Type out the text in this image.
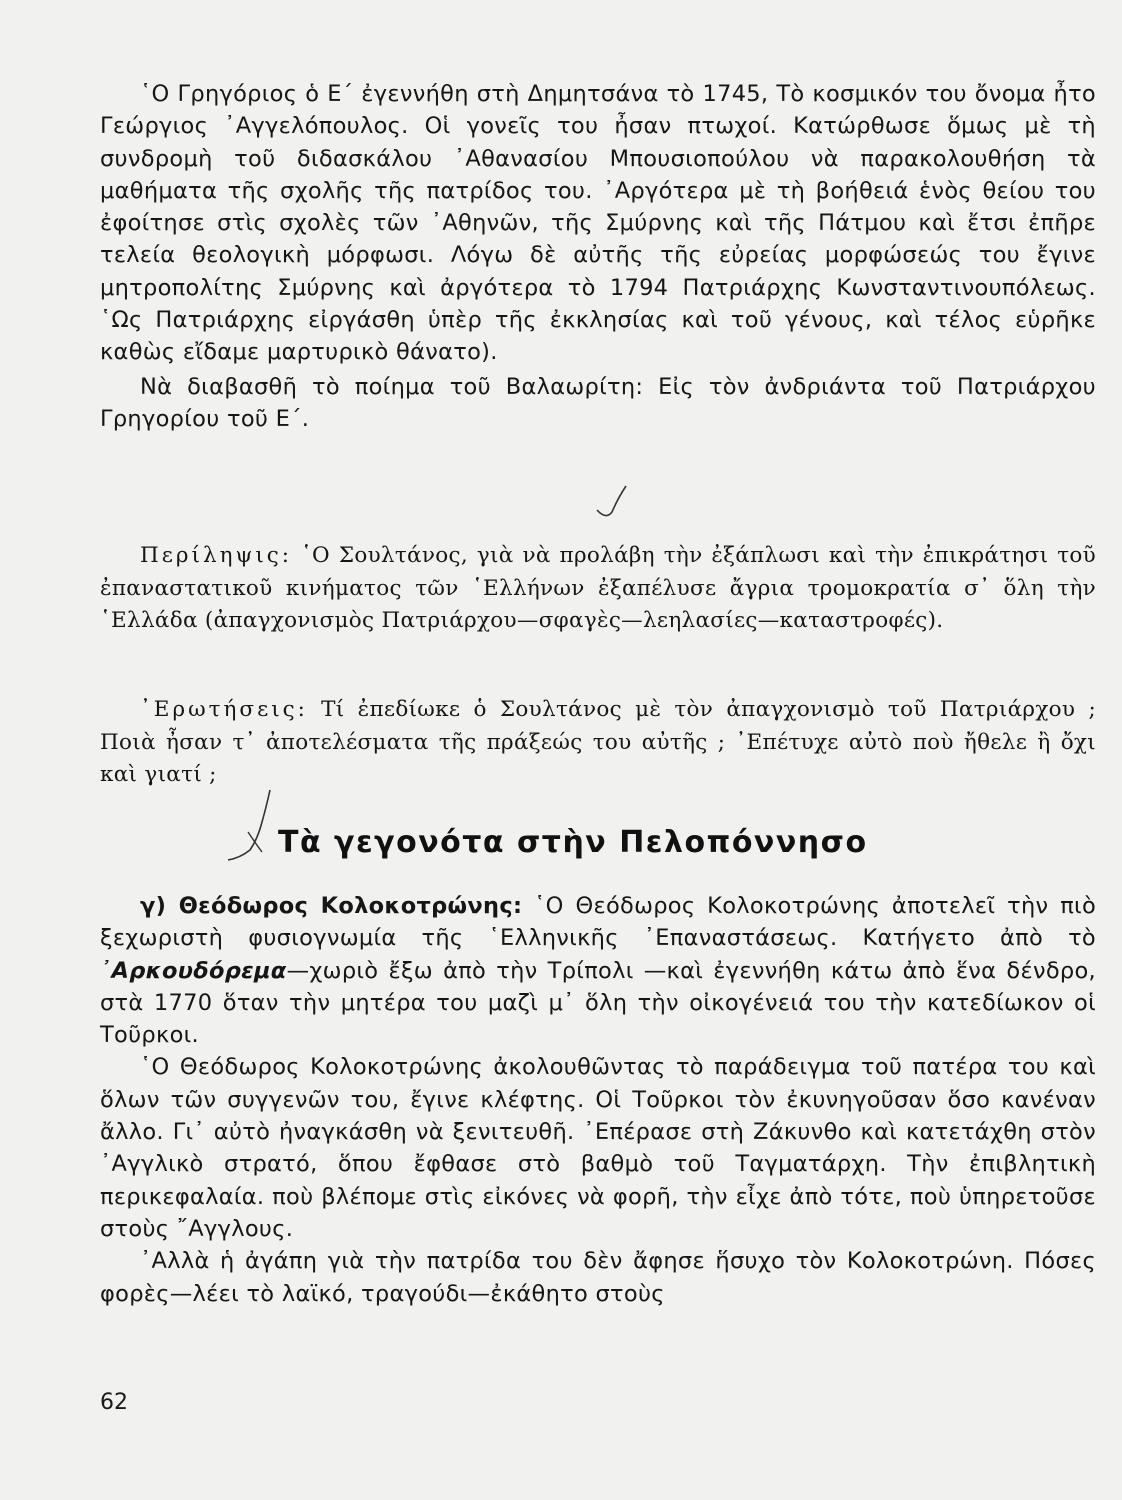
῾Ο Γρηγόριος ὁ Ε΄ ἐγεννήθη στὴ Δημητσάνα τὸ 1745, Τὸ κοσμικόν του ὄνομα ἦτο Γεώργιος ᾿Αγγελόπουλος. Οἱ γονεῖς του ἦσαν πτωχοί. Κατώρθωσε ὅμως μὲ τὴ συνδρομὴ τοῦ διδασκάλου ᾿Αθανασίου Μπουσιοπούλου νὰ παρακολουθήση τὰ μαθήματα τῆς σχολῆς τῆς πατρίδος του. ᾿Αργότερα μὲ τὴ βοήθειά ἑνὸς θείου του ἐφοίτησε στὶς σχολὲς τῶν ᾿Αθηνῶν, τῆς Σμύρνης καὶ τῆς Πάτμου καὶ ἔτσι ἐπῆρε τελεία θεολογικὴ μόρφωσι. Λόγω δὲ αὐτῆς τῆς εὐρείας μορφώσεώς του ἔγινε μητροπολίτης Σμύρνης καὶ ἀργότερα τὸ 1794 Πατριάρχης Κωνσταντινουπόλεως. ῾Ως Πατριάρχης εἰργάσθη ὑπὲρ τῆς ἐκκλησίας καὶ τοῦ γένους, καὶ τέλος εὑρῆκε καθὼς εἴδαμε μαρτυρικὸ θάνατο).

Νὰ διαβασθῆ τὸ ποίημα τοῦ Βαλαωρίτη: Εἰς τὸν ἀνδριάντα τοῦ Πατριάρχου Γρηγορίου τοῦ Ε΄.

Περίληψις: ῾Ο Σουλτάνος, γιὰ νὰ προλάβη τὴν ἐξάπλωσι καὶ τὴν ἐπικράτησι τοῦ ἐπαναστατικοῦ κινήματος τῶν ῾Ελλήνων ἐξαπέλυσε ἄγρια τρομοκρατία σ᾿ ὅλη τὴν ῾Ελλάδα (ἀπαγχονισμὸς Πατριάρχου—σφαγὲς—λεηλασίες—καταστροφές).

᾿Ερωτήσεις: Τί ἐπεδίωκε ὁ Σουλτάνος μὲ τὸν ἀπαγχονισμὸ τοῦ Πατριάρχου ; Ποιὰ ἦσαν τ᾿ ἀποτελέσματα τῆς πράξεώς του αὐτῆς ; ᾿Επέτυχε αὐτὸ ποὺ ἤθελε ἢ ὄχι καὶ γιατί ;

Τὰ γεγονότα στὴν Πελοπόννησο

γ) Θεόδωρος Κολοκοτρώνης: ῾Ο Θεόδωρος Κολοκοτρώνης ἀποτελεῖ τὴν πιὸ ξεχωριστὴ φυσιογνωμία τῆς ῾Ελληνικῆς ᾿Επαναστάσεως. Κατήγετο ἀπὸ τὸ ᾿Αρκουδόρεμα—χωριὸ ἔξω ἀπὸ τὴν Τρίπολι —καὶ ἐγεννήθη κάτω ἀπὸ ἕνα δένδρο, στὰ 1770 ὅταν τὴν μητέρα του μαζὶ μ᾿ ὅλη τὴν οἰκογένειά του τὴν κατεδίωκον οἱ Τοῦρκοι.

῾Ο Θεόδωρος Κολοκοτρώνης ἀκολουθῶντας τὸ παράδειγμα τοῦ πατέρα του καὶ ὅλων τῶν συγγενῶν του, ἔγινε κλέφτης. Οἱ Τοῦρκοι τὸν ἐκυνηγοῦσαν ὅσο κανέναν ἄλλο. Γι᾿ αὐτὸ ἠναγκάσθη νὰ ξενιτευθῆ. ᾿Επέρασε στὴ Ζάκυνθο καὶ κατετάχθη στὸν ᾿Αγγλικὸ στρατό, ὅπου ἔφθασε στὸ βαθμὸ τοῦ Ταγματάρχη. Τὴν ἐπιβλητικὴ περικεφαλαία. ποὺ βλέπομε στὶς εἰκόνες νὰ φορῆ, τὴν εἶχε ἀπὸ τότε, ποὺ ὑπηρετοῦσε στοὺς ῎Αγγλους.

᾿Αλλὰ ἡ ἀγάπη γιὰ τὴν πατρίδα του δὲν ἄφησε ἥσυχο τὸν Κολοκοτρώνη. Πόσες φορὲς—λέει τὸ λαϊκό, τραγούδι—ἐκάθητο στοὺς

62
